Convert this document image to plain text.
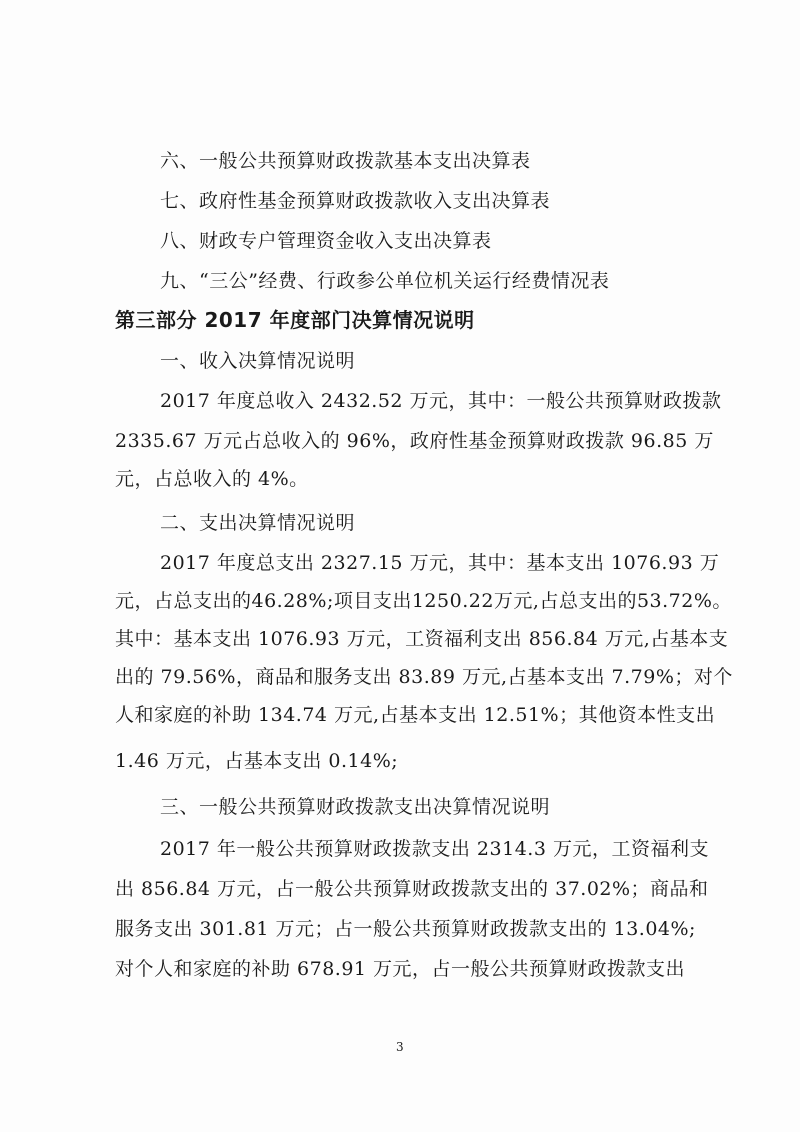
六、一般公共预算财政拨款基本支出决算表
七、政府性基金预算财政拨款收入支出决算表
八、财政专户管理资金收入支出决算表
九、“三公”经费、行政参公单位机关运行经费情况表
第三部分 2017 年度部门决算情况说明
一、收入决算情况说明
2017 年度总收入 2432.52 万元，其中：一般公共预算财政拨款
2335.67 万元占总收入的 96%，政府性基金预算财政拨款 96.85 万
元，占总收入的 4%。
二、支出决算情况说明
2017 年度总支出 2327.15 万元，其中：基本支出 1076.93 万
元，占总支出的46.28%;项目支出1250.22万元,占总支出的53.72%。
其中：基本支出 1076.93 万元，工资福利支出 856.84 万元,占基本支
出的 79.56%，商品和服务支出 83.89 万元,占基本支出 7.79%；对个
人和家庭的补助 134.74 万元,占基本支出 12.51%；其他资本性支出
1.46 万元，占基本支出 0.14%;
三、一般公共预算财政拨款支出决算情况说明
2017 年一般公共预算财政拨款支出 2314.3 万元，工资福利支
出 856.84 万元，占一般公共预算财政拨款支出的 37.02%；商品和
服务支出 301.81 万元；占一般公共预算财政拨款支出的 13.04%;
对个人和家庭的补助 678.91 万元，占一般公共预算财政拨款支出
3
